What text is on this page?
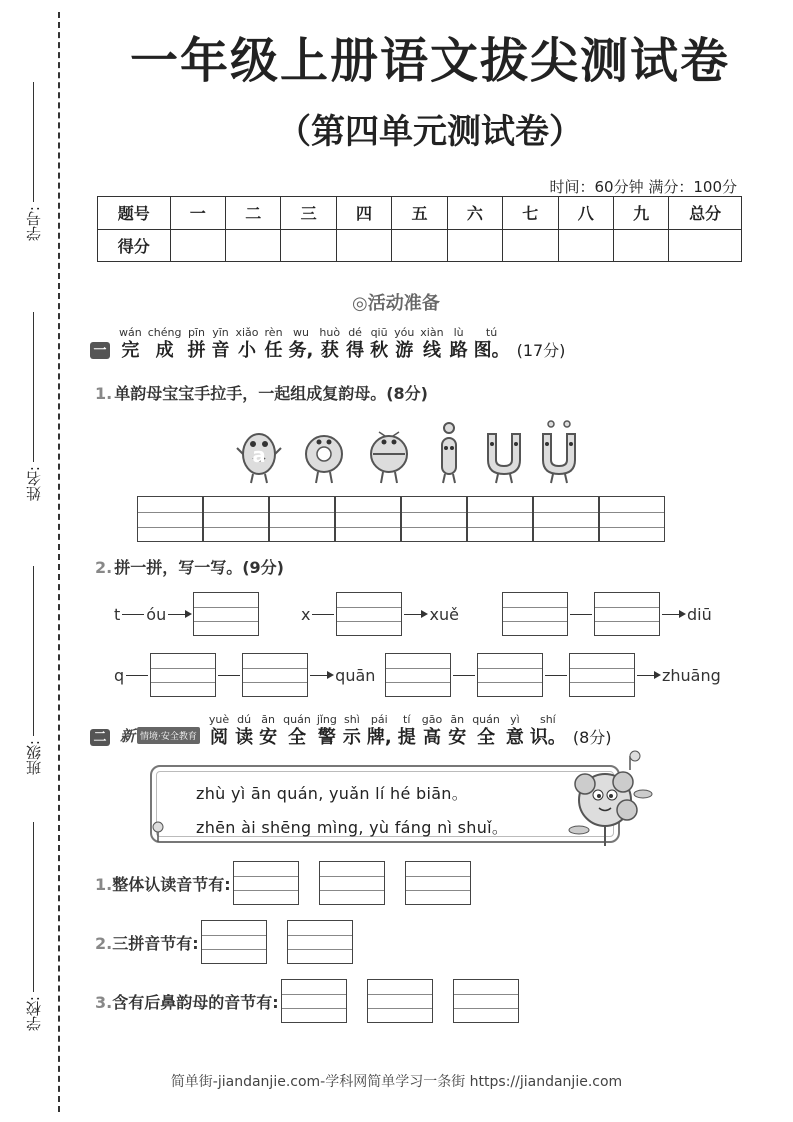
学号:
姓名:
班级:
学校:
一年级上册语文拔尖测试卷
（第四单元测试卷）
时间：60分钟 满分：100分
题号	一	二	三	四	五	六	七	八	九	总分
得分										
◎活动准备
一
wán
完
chéng
成
pīn
拼
yīn
音
xiǎo
小
rèn
任
wu
务,
huò
获
dé
得
qiū
秋
yóu
游
xiàn
线
lù
路
tú
图。 (17分)
1. 单韵母宝宝手拉手，一起组成复韵母。(8分)
a
o	e	i	u	ü
2. 拼一拼，写一写。(9分)
t óu	x	xuě	diū
q	quān	zhuāng
二 新 情境·安全教育
yuè
阅
dú
读
ān
安
quán
全
jǐng
警
shì
示
pái
牌,
tí
提
gāo
高
ān
安
quán
全
yì
意
shí
识。 (8分)
zhù yì ān quán, yuǎn lí hé biān。
zhēn ài shēng mìng, yù fáng nì shuǐ。
1.整体认读音节有:
2.三拼音节有:
3.含有后鼻韵母的音节有:
简单街-jiandanjie.com-学科网简单学习一条街 https://jiandanjie.com
